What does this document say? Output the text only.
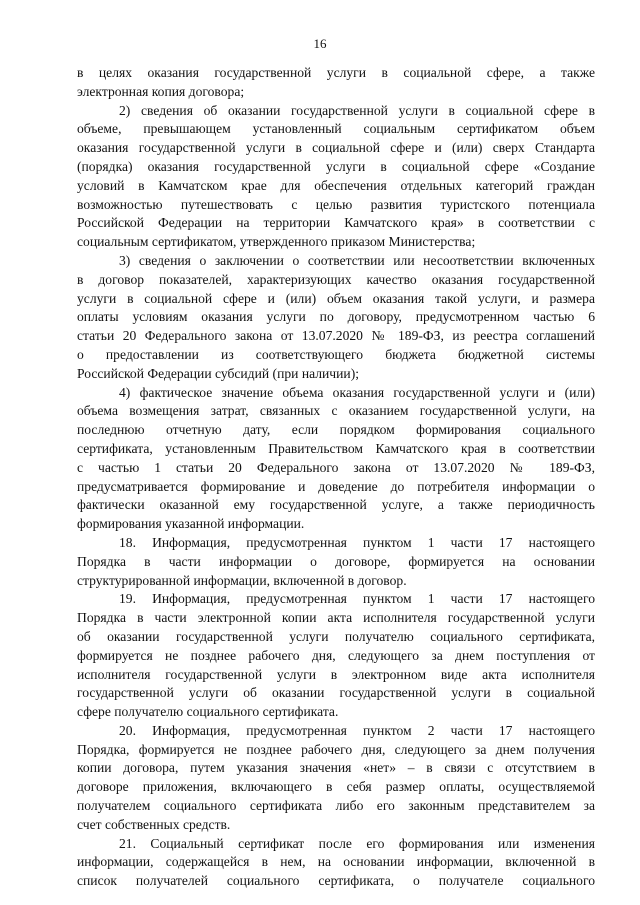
16
в целях оказания государственной услуги в социальной сфере, а также
электронная копия договора;
2) сведения об оказании государственной услуги в социальной сфере в
объеме, превышающем установленный социальным сертификатом объем
оказания государственной услуги в социальной сфере и (или) сверх Стандарта
(порядка) оказания государственной услуги в социальной сфере «Создание
условий в Камчатском крае для обеспечения отдельных категорий граждан
возможностью путешествовать с целью развития туристского потенциала
Российской Федерации на территории Камчатского края» в соответствии с
социальным сертификатом, утвержденного приказом Министерства;
3) сведения о заключении о соответствии или несоответствии включенных
в договор показателей, характеризующих качество оказания государственной
услуги в социальной сфере и (или) объем оказания такой услуги, и размера
оплаты условиям оказания услуги по договору, предусмотренном частью 6
статьи 20 Федерального закона от 13.07.2020 № 189-ФЗ, из реестра соглашений
о предоставлении из соответствующего бюджета бюджетной системы
Российской Федерации субсидий (при наличии);
4) фактическое значение объема оказания государственной услуги и (или)
объема возмещения затрат, связанных с оказанием государственной услуги, на
последнюю отчетную дату, если порядком формирования социального
сертификата, установленным Правительством Камчатского края в соответствии
с частью 1 статьи 20 Федерального закона от 13.07.2020 № 189-ФЗ,
предусматривается формирование и доведение до потребителя информации о
фактически оказанной ему государственной услуге, а также периодичность
формирования указанной информации.
18. Информация, предусмотренная пунктом 1 части 17 настоящего
Порядка в части информации о договоре, формируется на основании
структурированной информации, включенной в договор.
19. Информация, предусмотренная пунктом 1 части 17 настоящего
Порядка в части электронной копии акта исполнителя государственной услуги
об оказании государственной услуги получателю социального сертификата,
формируется не позднее рабочего дня, следующего за днем поступления от
исполнителя государственной услуги в электронном виде акта исполнителя
государственной услуги об оказании государственной услуги в социальной
сфере получателю социального сертификата.
20. Информация, предусмотренная пунктом 2 части 17 настоящего
Порядка, формируется не позднее рабочего дня, следующего за днем получения
копии договора, путем указания значения «нет» – в связи с отсутствием в
договоре приложения, включающего в себя размер оплаты, осуществляемой
получателем социального сертификата либо его законным представителем за
счет собственных средств.
21. Социальный сертификат после его формирования или изменения
информации, содержащейся в нем, на основании информации, включенной в
список получателей социального сертификата, о получателе социального
